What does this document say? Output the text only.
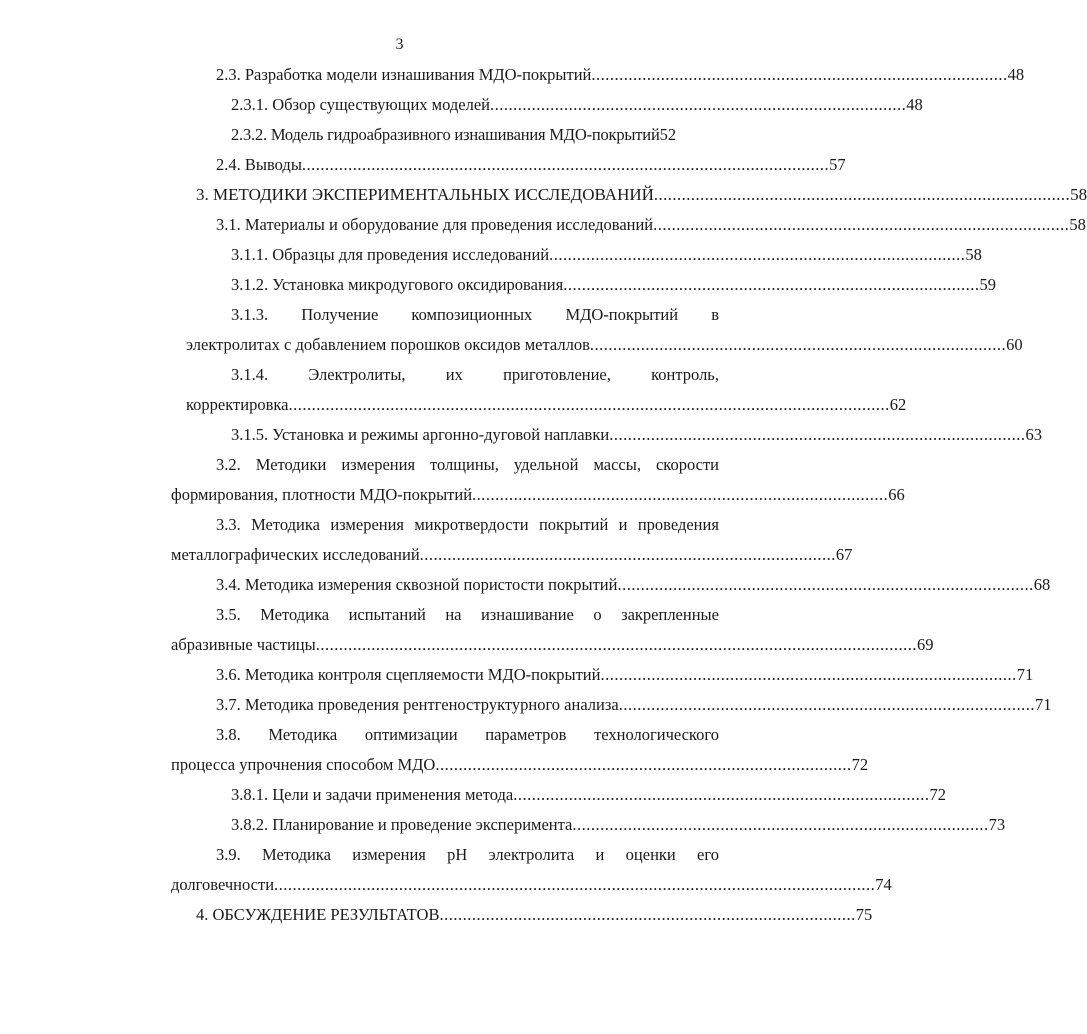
3
2.3. Разработка модели изнашивания МДО-покрытий .......................................................................................... 48
2.3.1. Обзор существующих моделей .......................................................................................... 48
2.3.2. Модель гидроабразивного изнашивания МДО-покрытий 52
2.4. Выводы .................................................................................................................. 57
3. МЕТОДИКИ ЭКСПЕРИМЕНТАЛЬНЫХ ИССЛЕДОВАНИЙ .......................................................................................... 58
3.1. Материалы и оборудование для проведения исследований .......................................................................................... 58
3.1.1. Образцы для проведения исследований .......................................................................................... 58
3.1.2. Установка микродугового оксидирования .......................................................................................... 59
3.1.3. Получение композиционных МДО-покрытий в
электролитах с добавлением порошков оксидов металлов .......................................................................................... 60
3.1.4. Электролиты, их приготовление, контроль,
корректировка .................................................................................................................................. 62
3.1.5. Установка и режимы аргонно-дуговой наплавки .......................................................................................... 63
3.2. Методики измерения толщины, удельной массы, скорости
формирования, плотности МДО-покрытий .......................................................................................... 66
3.3. Методика измерения микротвердости покрытий и проведения
металлографических исследований .......................................................................................... 67
3.4. Методика измерения сквозной пористости покрытий .......................................................................................... 68
3.5. Методика испытаний на изнашивание о закрепленные
абразивные частицы .................................................................................................................................. 69
3.6. Методика контроля сцепляемости МДО-покрытий .......................................................................................... 71
3.7. Методика проведения рентгеноструктурного анализа .......................................................................................... 71
3.8. Методика оптимизации параметров технологического
процесса упрочнения способом МДО .......................................................................................... 72
3.8.1. Цели и задачи применения метода .......................................................................................... 72
3.8.2. Планирование и проведение эксперимента .......................................................................................... 73
3.9. Методика измерения pH электролита и оценки его
долговечности .................................................................................................................................. 74
4. ОБСУЖДЕНИЕ РЕЗУЛЬТАТОВ .......................................................................................... 75
